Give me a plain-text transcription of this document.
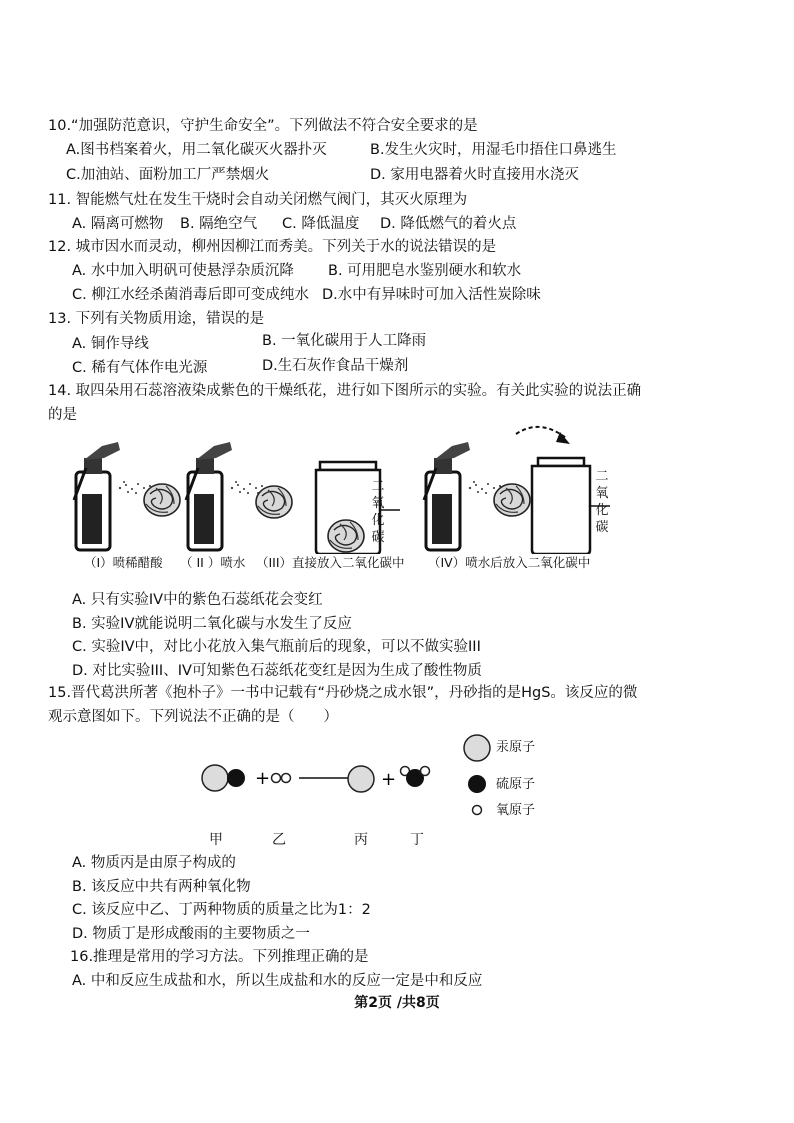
10.“加强防范意识，守护生命安全”。下列做法不符合安全要求的是
A.图书档案着火，用二氧化碳灭火器扑灭	B.发生火灾时，用湿毛巾捂住口鼻逃生
C.加油站、面粉加工厂严禁烟火	D. 家用电器着火时直接用水浇灭
11. 智能燃气灶在发生干烧时会自动关闭燃气阀门，其灭火原理为
A. 隔离可燃物 B. 隔绝空气 C. 降低温度 D. 降低燃气的着火点
12. 城市因水而灵动，柳州因柳江而秀美。下列关于水的说法错误的是
A. 水中加入明矾可使悬浮杂质沉降 B. 可用肥皂水鉴别硬水和软水
C. 柳江水经杀菌消毒后即可变成纯水 D.水中有异味时可加入活性炭除味
13. 下列有关物质用途，错误的是
A. 铜作导线	B. 一氧化碳用于人工降雨
C. 稀有气体作电光源	D.生石灰作食品干燥剂
14. 取四朵用石蕊溶液染成紫色的干燥纸花，进行如下图所示的实验。有关此实验的说法正确
的是
二
氧
化
碳
二
氧
化
碳
（I）喷稀醋酸 （ II ）喷水 （III）直接放入二氧化碳中 （IV）喷水后放入二氧化碳中
A. 只有实验IV中的紫色石蕊纸花会变红
B. 实验IV就能说明二氧化碳与水发生了反应
C. 实验IV中，对比小花放入集气瓶前后的现象，可以不做实验III
D. 对比实验III、IV可知紫色石蕊纸花变红是因为生成了酸性物质
15.晋代葛洪所著《抱朴子》一书中记载有“丹砂烧之成水银”，丹砂指的是HgS。该反应的微
观示意图如下。下列说法不正确的是（　　）
+	+
汞原子
硫原子
氧原子
甲	乙	丙	丁
A. 物质丙是由原子构成的
B. 该反应中共有两种氧化物
C. 该反应中乙、丁两种物质的质量之比为1：2
D. 物质丁是形成酸雨的主要物质之一
16.推理是常用的学习方法。下列推理正确的是
A. 中和反应生成盐和水，所以生成盐和水的反应一定是中和反应
第2页 /共8页
